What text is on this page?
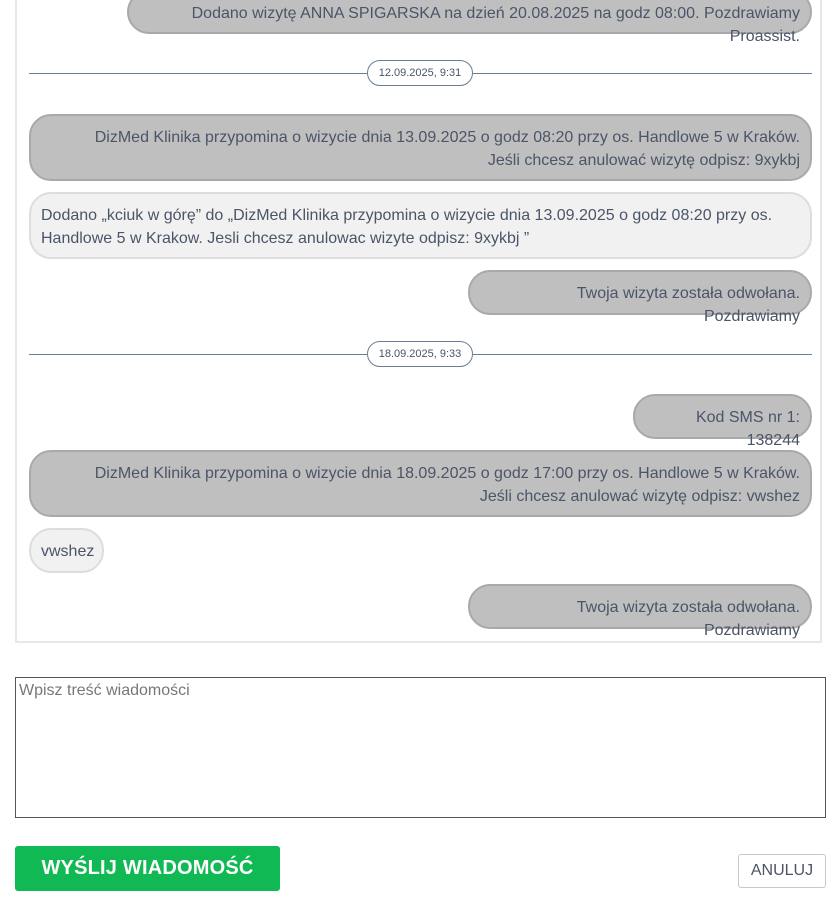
Dodano wizytę ANNA SPIGARSKA na dzień 20.08.2025 na godz 08:00. Pozdrawiamy Proassist.
12.09.2025, 9:31
DizMed Klinika przypomina o wizycie dnia 13.09.2025 o godz 08:20 przy os. Handlowe 5 w Kraków. Jeśli chcesz anulować wizytę odpisz: 9xykbj
Dodano „kciuk w górę” do „DizMed Klinika przypomina o wizycie dnia 13.09.2025 o godz 08:20 przy os. Handlowe 5 w Krakow. Jesli chcesz anulowac wizyte odpisz: 9xykbj ”
Twoja wizyta została odwołana. Pozdrawiamy
18.09.2025, 9:33
Kod SMS nr 1: 138244
DizMed Klinika przypomina o wizycie dnia 18.09.2025 o godz 17:00 przy os. Handlowe 5 w Kraków. Jeśli chcesz anulować wizytę odpisz: vwshez
vwshez
Twoja wizyta została odwołana. Pozdrawiamy
Wpisz treść wiadomości
WYŚLIJ WIADOMOŚĆ	ANULUJ
